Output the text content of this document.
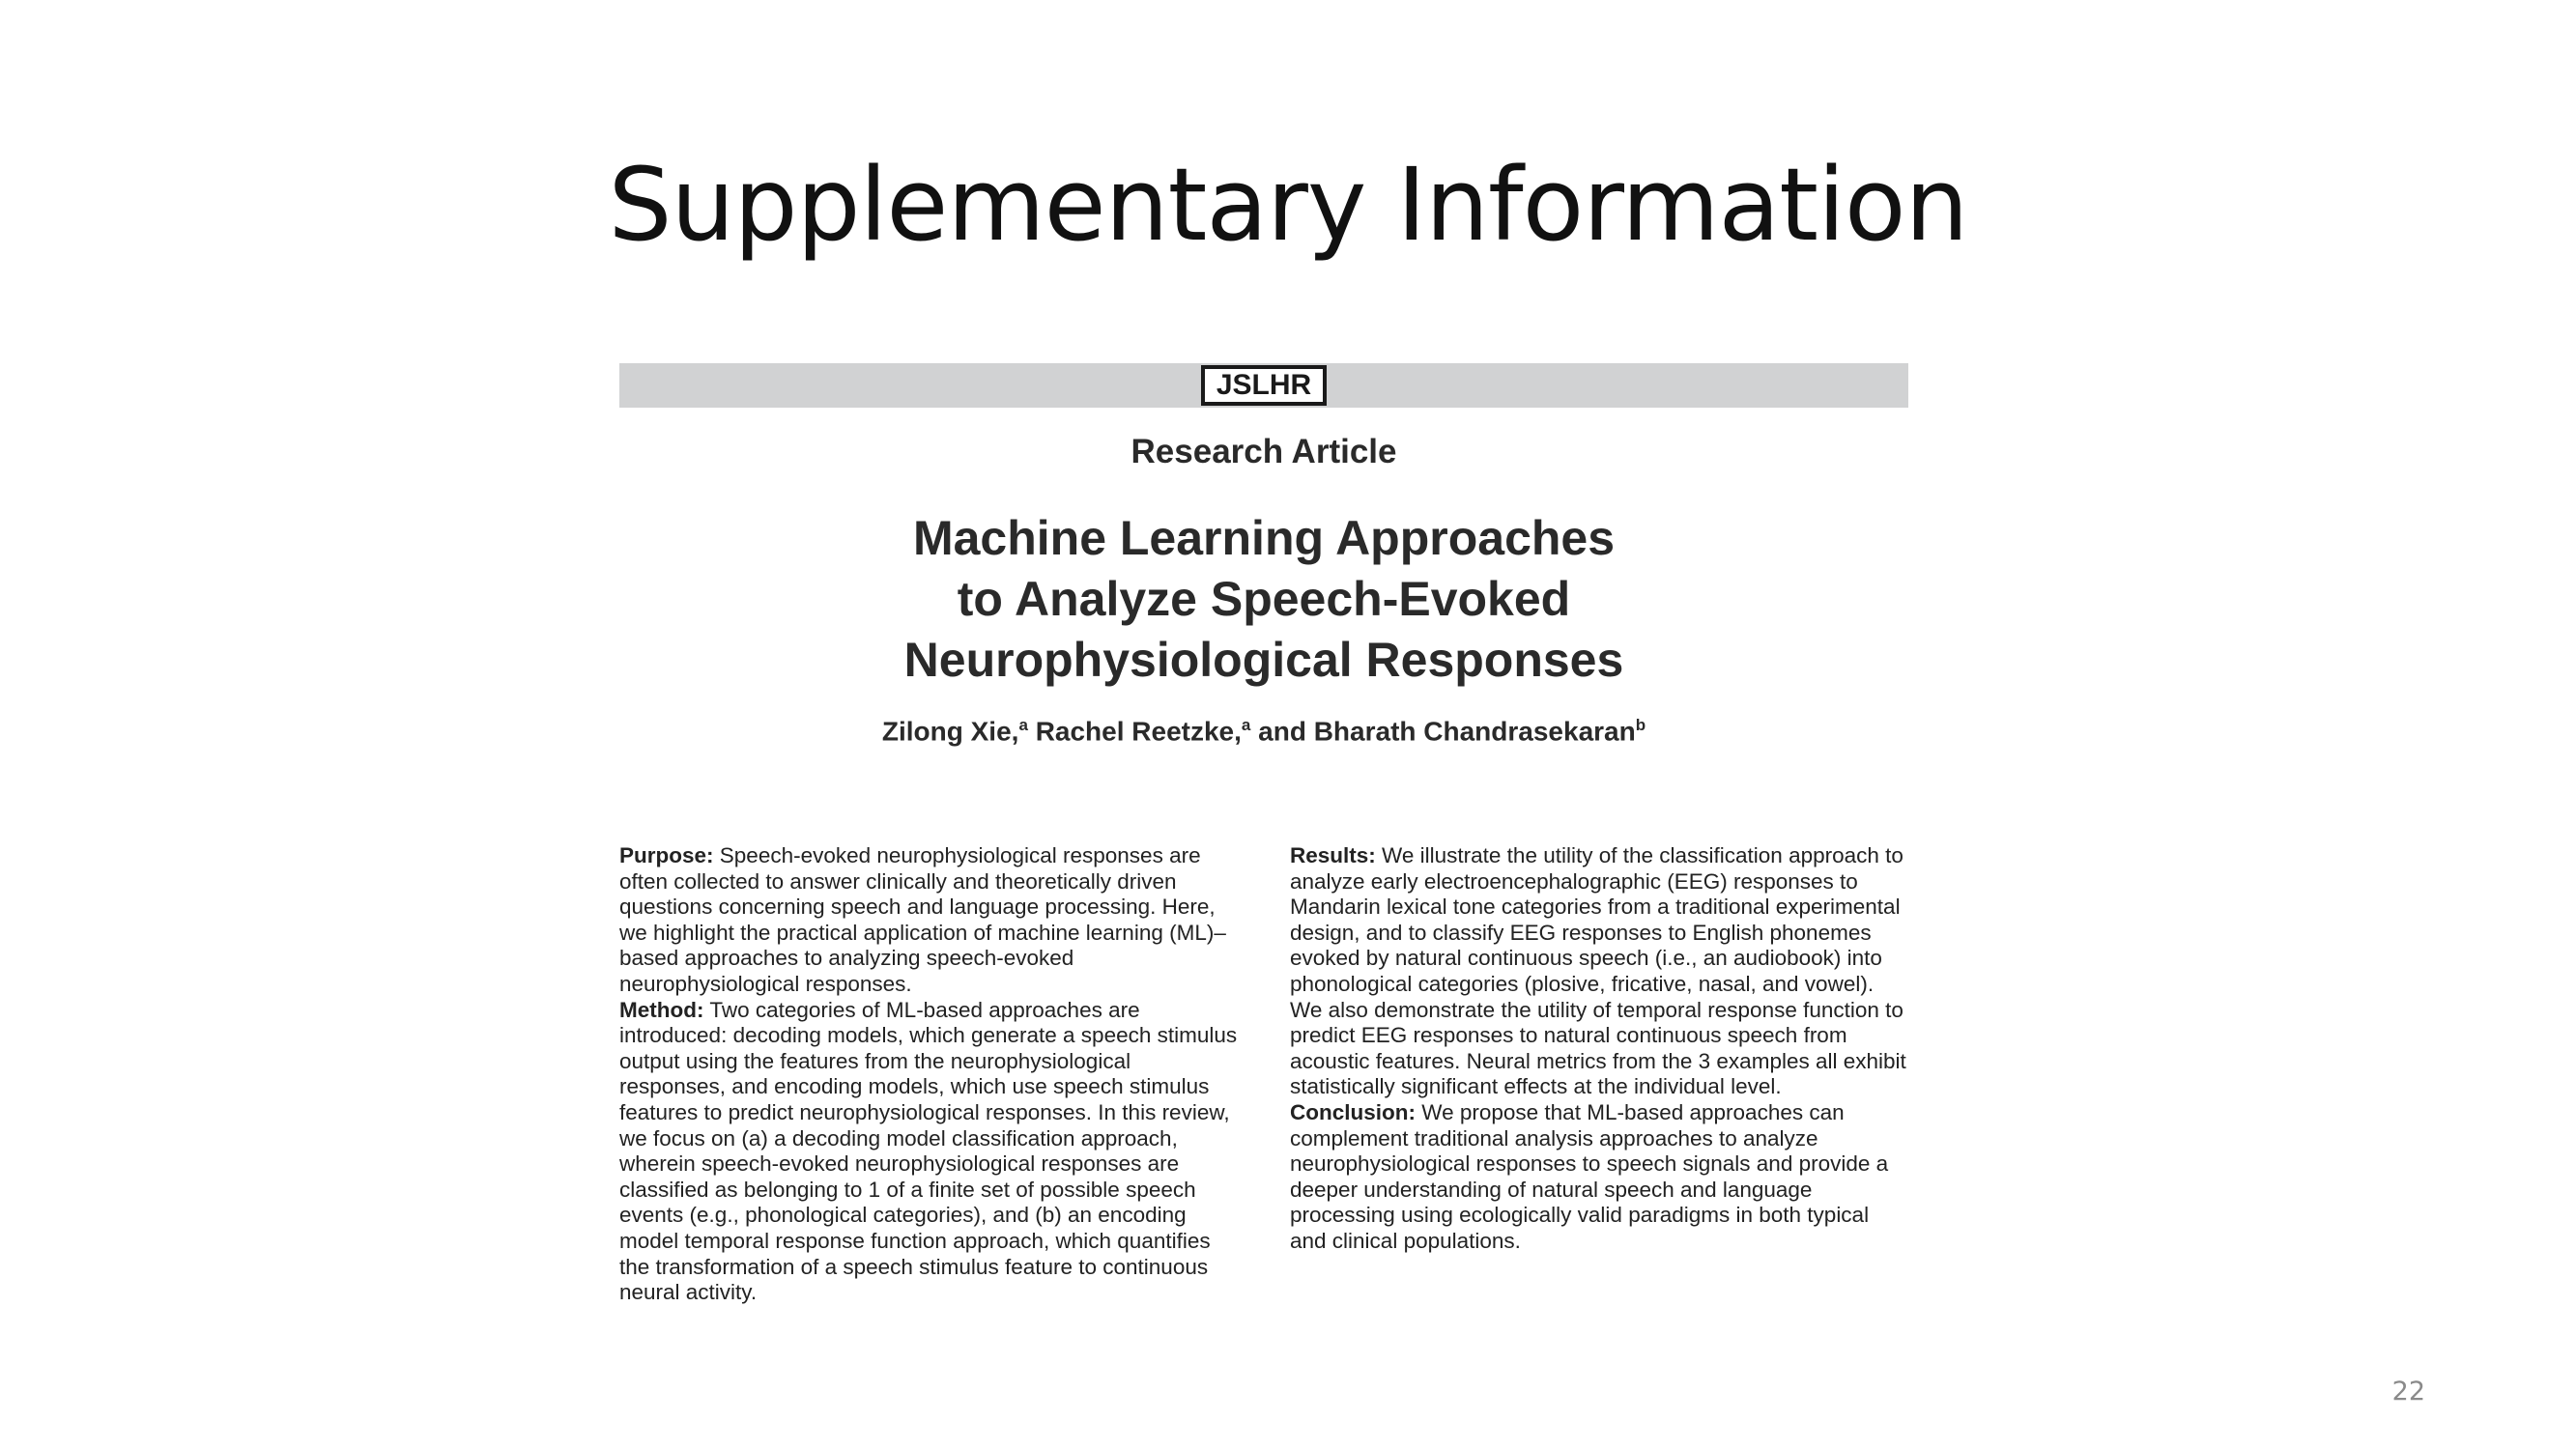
Supplementary Information
JSLHR
Research Article
Machine Learning Approaches
to Analyze Speech-Evoked
Neurophysiological Responses
Zilong Xie,$^a$ Rachel Reetzke,$^a$ and Bharath Chandrasekaran$^b$

Purpose: Speech-evoked neurophysiological responses are often collected to answer clinically and theoretically driven questions concerning speech and language processing. Here, we highlight the practical application of machine learning (ML)–based approaches to analyzing speech-evoked neurophysiological responses.

Method: Two categories of ML-based approaches are introduced: decoding models, which generate a speech stimulus output using the features from the neurophysiological responses, and encoding models, which use speech stimulus features to predict neurophysiological responses. In this review, we focus on (a) a decoding model classification approach, wherein speech-evoked neurophysiological responses are classified as belonging to 1 of a finite set of possible speech events (e.g., phonological categories), and (b) an encoding model temporal response function approach, which quantifies the transformation of a speech stimulus feature to continuous neural activity.

Results: We illustrate the utility of the classification approach to analyze early electroencephalographic (EEG) responses to Mandarin lexical tone categories from a traditional experimental design, and to classify EEG responses to English phonemes evoked by natural continuous speech (i.e., an audiobook) into phonological categories (plosive, fricative, nasal, and vowel). We also demonstrate the utility of temporal response function to predict EEG responses to natural continuous speech from acoustic features. Neural metrics from the 3 examples all exhibit statistically significant effects at the individual level.

Conclusion: We propose that ML-based approaches can complement traditional analysis approaches to analyze neurophysiological responses to speech signals and provide a deeper understanding of natural speech and language processing using ecologically valid paradigms in both typical and clinical populations.

22
